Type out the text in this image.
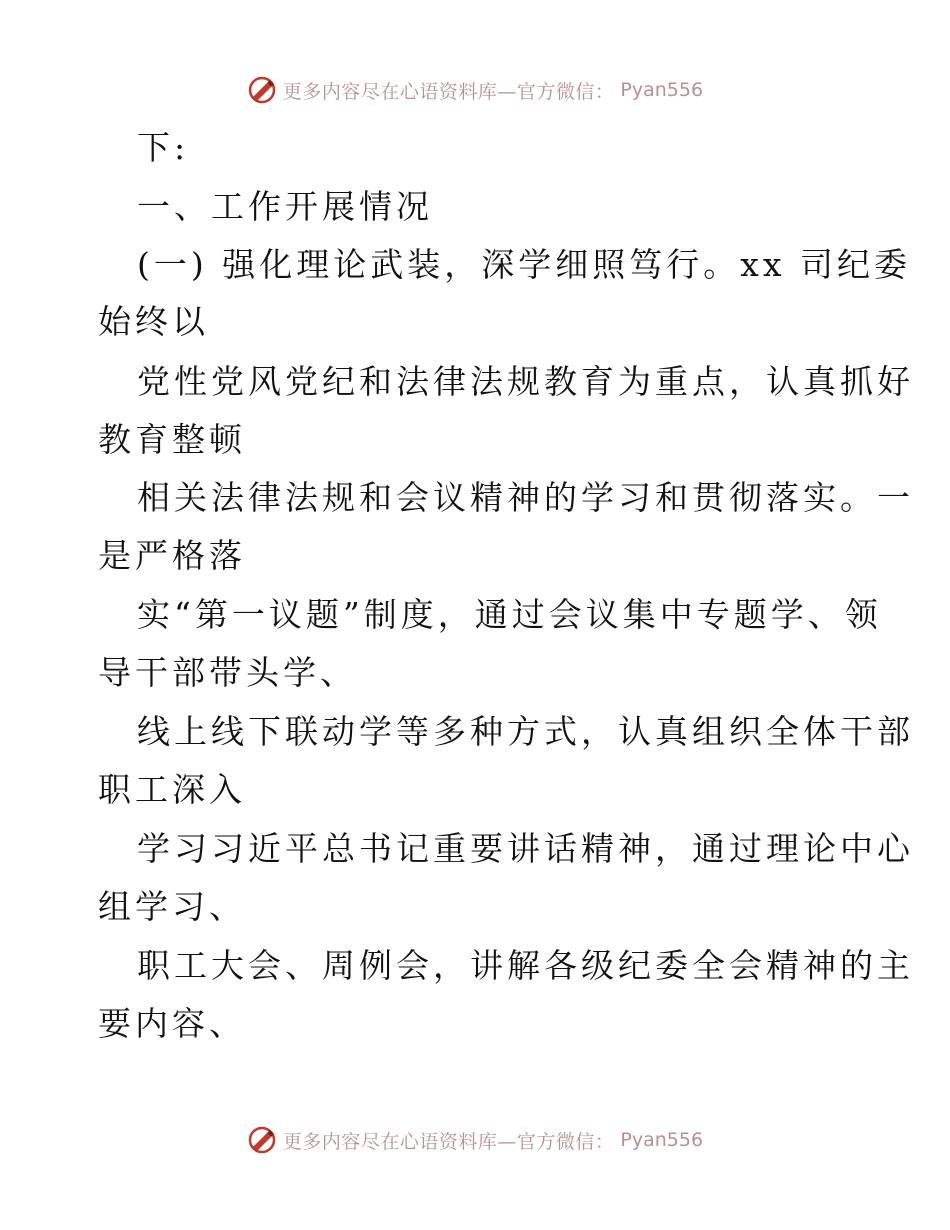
更多内容尽在心语资料库—官方微信： Pyan556
下:
一、工作开展情况
(一) 强化理论武装，深学细照笃行。xx 司纪委
始终以
党性党风党纪和法律法规教育为重点，认真抓好
教育整顿
相关法律法规和会议精神的学习和贯彻落实。一
是严格落
实“第一议题”制度，通过会议集中专题学、领
导干部带头学、
线上线下联动学等多种方式，认真组织全体干部
职工深入
学习习近平总书记重要讲话精神，通过理论中心
组学习、
职工大会、周例会，讲解各级纪委全会精神的主
要内容、
更多内容尽在心语资料库—官方微信： Pyan556
